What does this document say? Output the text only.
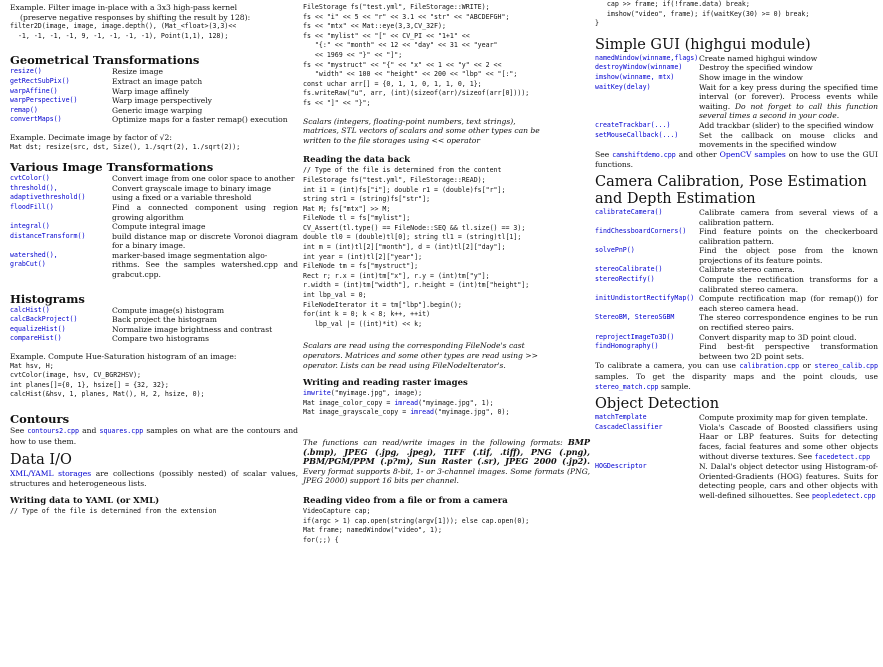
Example. Filter image in-place with a 3x3 high-pass kernel
(preserve negative responses by shifting the result by 128):
filter2D(image, image, image.depth(), (Mat_<float>(3,3)<<
-1, -1, -1, -1, 9, -1, -1, -1, -1), Point(1,1), 128);
Geometrical Transformations
resize()	Resize image
getRectSubPix()	Extract an image patch
warpAffine()	Warp image affinely
warpPerspective()	Warp image perspectively
remap()	Generic image warping
convertMaps()	Optimize maps for a faster remap() execution
Example. Decimate image by factor of √2:
Mat dst; resize(src, dst, Size(), 1./sqrt(2), 1./sqrt(2));
Various Image Transformations
cvtColor()	Convert image from one color space to another
threshold(),	Convert grayscale image to binary image
adaptivethreshold()	using a fixed or a variable threshold
floodFill()	Find a connected component using region growing algorithm
integral()	Compute integral image
distanceTransform()	build distance map or discrete Voronoi diagram for a binary image.
watershed(),	marker-based image segmentation algo-
grabCut()	rithms. See the samples watershed.cpp and grabcut.cpp.
Histograms
calcHist()	Compute image(s) histogram
calcBackProject()	Back project the histogram
equalizeHist()	Normalize image brightness and contrast
compareHist()	Compare two histograms
Example. Compute Hue-Saturation histogram of an image:
Mat hsv, H;
cvtColor(image, hsv, CV_BGR2HSV);
int planes[]={0, 1}, hsize[] = {32, 32};
calcHist(&hsv, 1, planes, Mat(), H, 2, hsize, 0);
Contours
See contours2.cpp and squares.cpp samples on what are the contours and how to use them.
Data I/O
XML/YAML storages are collections (possibly nested) of scalar values, structures and heterogeneous lists.
Writing data to YAML (or XML)
// Type of the file is determined from the extension
FileStorage fs("test.yml", FileStorage::WRITE);
fs << "i" << 5 << "r" << 3.1 << "str" << "ABCDEFGH";
fs << "mtx" << Mat::eye(3,3,CV_32F);
fs << "mylist" << "[" << CV_PI << "1+1" <<
"{:" << "month" << 12 << "day" << 31 << "year"
<< 1969 << "}" << "]";
fs << "mystruct" << "{" << "x" << 1 << "y" << 2 <<
"width" << 100 << "height" << 200 << "lbp" << "[:";
const uchar arr[] = {0, 1, 1, 0, 1, 1, 0, 1};
fs.writeRaw("u", arr, (int)(sizeof(arr)/sizeof(arr[0])));
fs << "]" << "}";
Scalars (integers, floating-point numbers, text strings),
matrices, STL vectors of scalars and some other types can be
written to the file storages using << operator
Reading the data back
// Type of the file is determined from the content
FileStorage fs("test.yml", FileStorage::READ);
int i1 = (int)fs["i"]; double r1 = (double)fs["r"];
string str1 = (string)fs["str"];
Mat M; fs["mtx"] >> M;
FileNode tl = fs["mylist"];
CV_Assert(tl.type() == FileNode::SEQ && tl.size() == 3);
double tl0 = (double)tl[0]; string tl1 = (string)tl[1];
int m = (int)tl[2]["month"], d = (int)tl[2]["day"];
int year = (int)tl[2]["year"];
FileNode tm = fs["mystruct"];
Rect r; r.x = (int)tm["x"], r.y = (int)tm["y"];
r.width = (int)tm["width"], r.height = (int)tm["height"];
int lbp_val = 0;
FileNodeIterator it = tm["lbp"].begin();
for(int k = 0; k < 8; k++, ++it)
lbp_val |= ((int)*it) << k;
Scalars are read using the corresponding FileNode's cast
operators. Matrices and some other types are read using >>
operator. Lists can be read using FileNodeIterator's.
Writing and reading raster images
imwrite("myimage.jpg", image);
Mat image_color_copy = imread("myimage.jpg", 1);
Mat image_grayscale_copy = imread("myimage.jpg", 0);
The functions can read/write images in the following formats: BMP (.bmp), JPEG (.jpg, .jpeg), TIFF (.tif, .tiff), PNG (.png), PBM/PGM/PPM (.p?m), Sun Raster (.sr), JPEG 2000 (.jp2). Every format supports 8-bit, 1- or 3-channel images. Some formats (PNG, JPEG 2000) support 16 bits per channel.
Reading video from a file or from a camera
VideoCapture cap;
if(argc > 1) cap.open(string(argv[1])); else cap.open(0);
Mat frame; namedWindow("video", 1);
for(;;) {
cap >> frame; if(!frame.data) break;
imshow("video", frame); if(waitKey(30) >= 0) break;
}
Simple GUI (highgui module)
namedWindow(winname,flags) Create named highgui window
destroyWindow(winname)	Destroy the specified window
imshow(winname, mtx)	Show image in the window
waitKey(delay)	Wait for a key press during the specified time interval (or forever). Process events while waiting. Do not forget to call this function several times a second in your code.
createTrackbar(...)	Add trackbar (slider) to the specified window
setMouseCallback(...)	Set the callback on mouse clicks and movements in the specified window
See camshiftdemo.cpp and other OpenCV samples on how to use the GUI functions.
Camera Calibration, Pose Estimation and Depth Estimation
calibrateCamera()	Calibrate camera from several views of a calibration pattern.
findChessboardCorners()	Find feature points on the checkerboard calibration pattern.
solvePnP()	Find the object pose from the known projections of its feature points.
stereoCalibrate()	Calibrate stereo camera.
stereoRectify()	Compute the rectification transforms for a calibrated stereo camera.
initUndistortRectifyMap() Compute rectification map (for remap()) for each stereo camera head.
StereoBM, StereoSGBM	The stereo correspondence engines to be run on rectified stereo pairs.
reprojectImageTo3D()	Convert disparity map to 3D point cloud.
findHomography()	Find best-fit perspective transformation between two 2D point sets.
To calibrate a camera, you can use calibration.cpp or stereo_calib.cpp samples. To get the disparity maps and the point clouds, use stereo_match.cpp sample.
Object Detection
matchTemplate	Compute proximity map for given template.
CascadeClassifier	Viola's Cascade of Boosted classifiers using Haar or LBP features. Suits for detecting faces, facial features and some other objects without diverse textures. See facedetect.cpp
HOGDescriptor	N. Dalal's object detector using Histogram-of-Oriented-Gradients (HOG) features. Suits for detecting people, cars and other objects with well-defined silhouettes. See peopledetect.cpp
